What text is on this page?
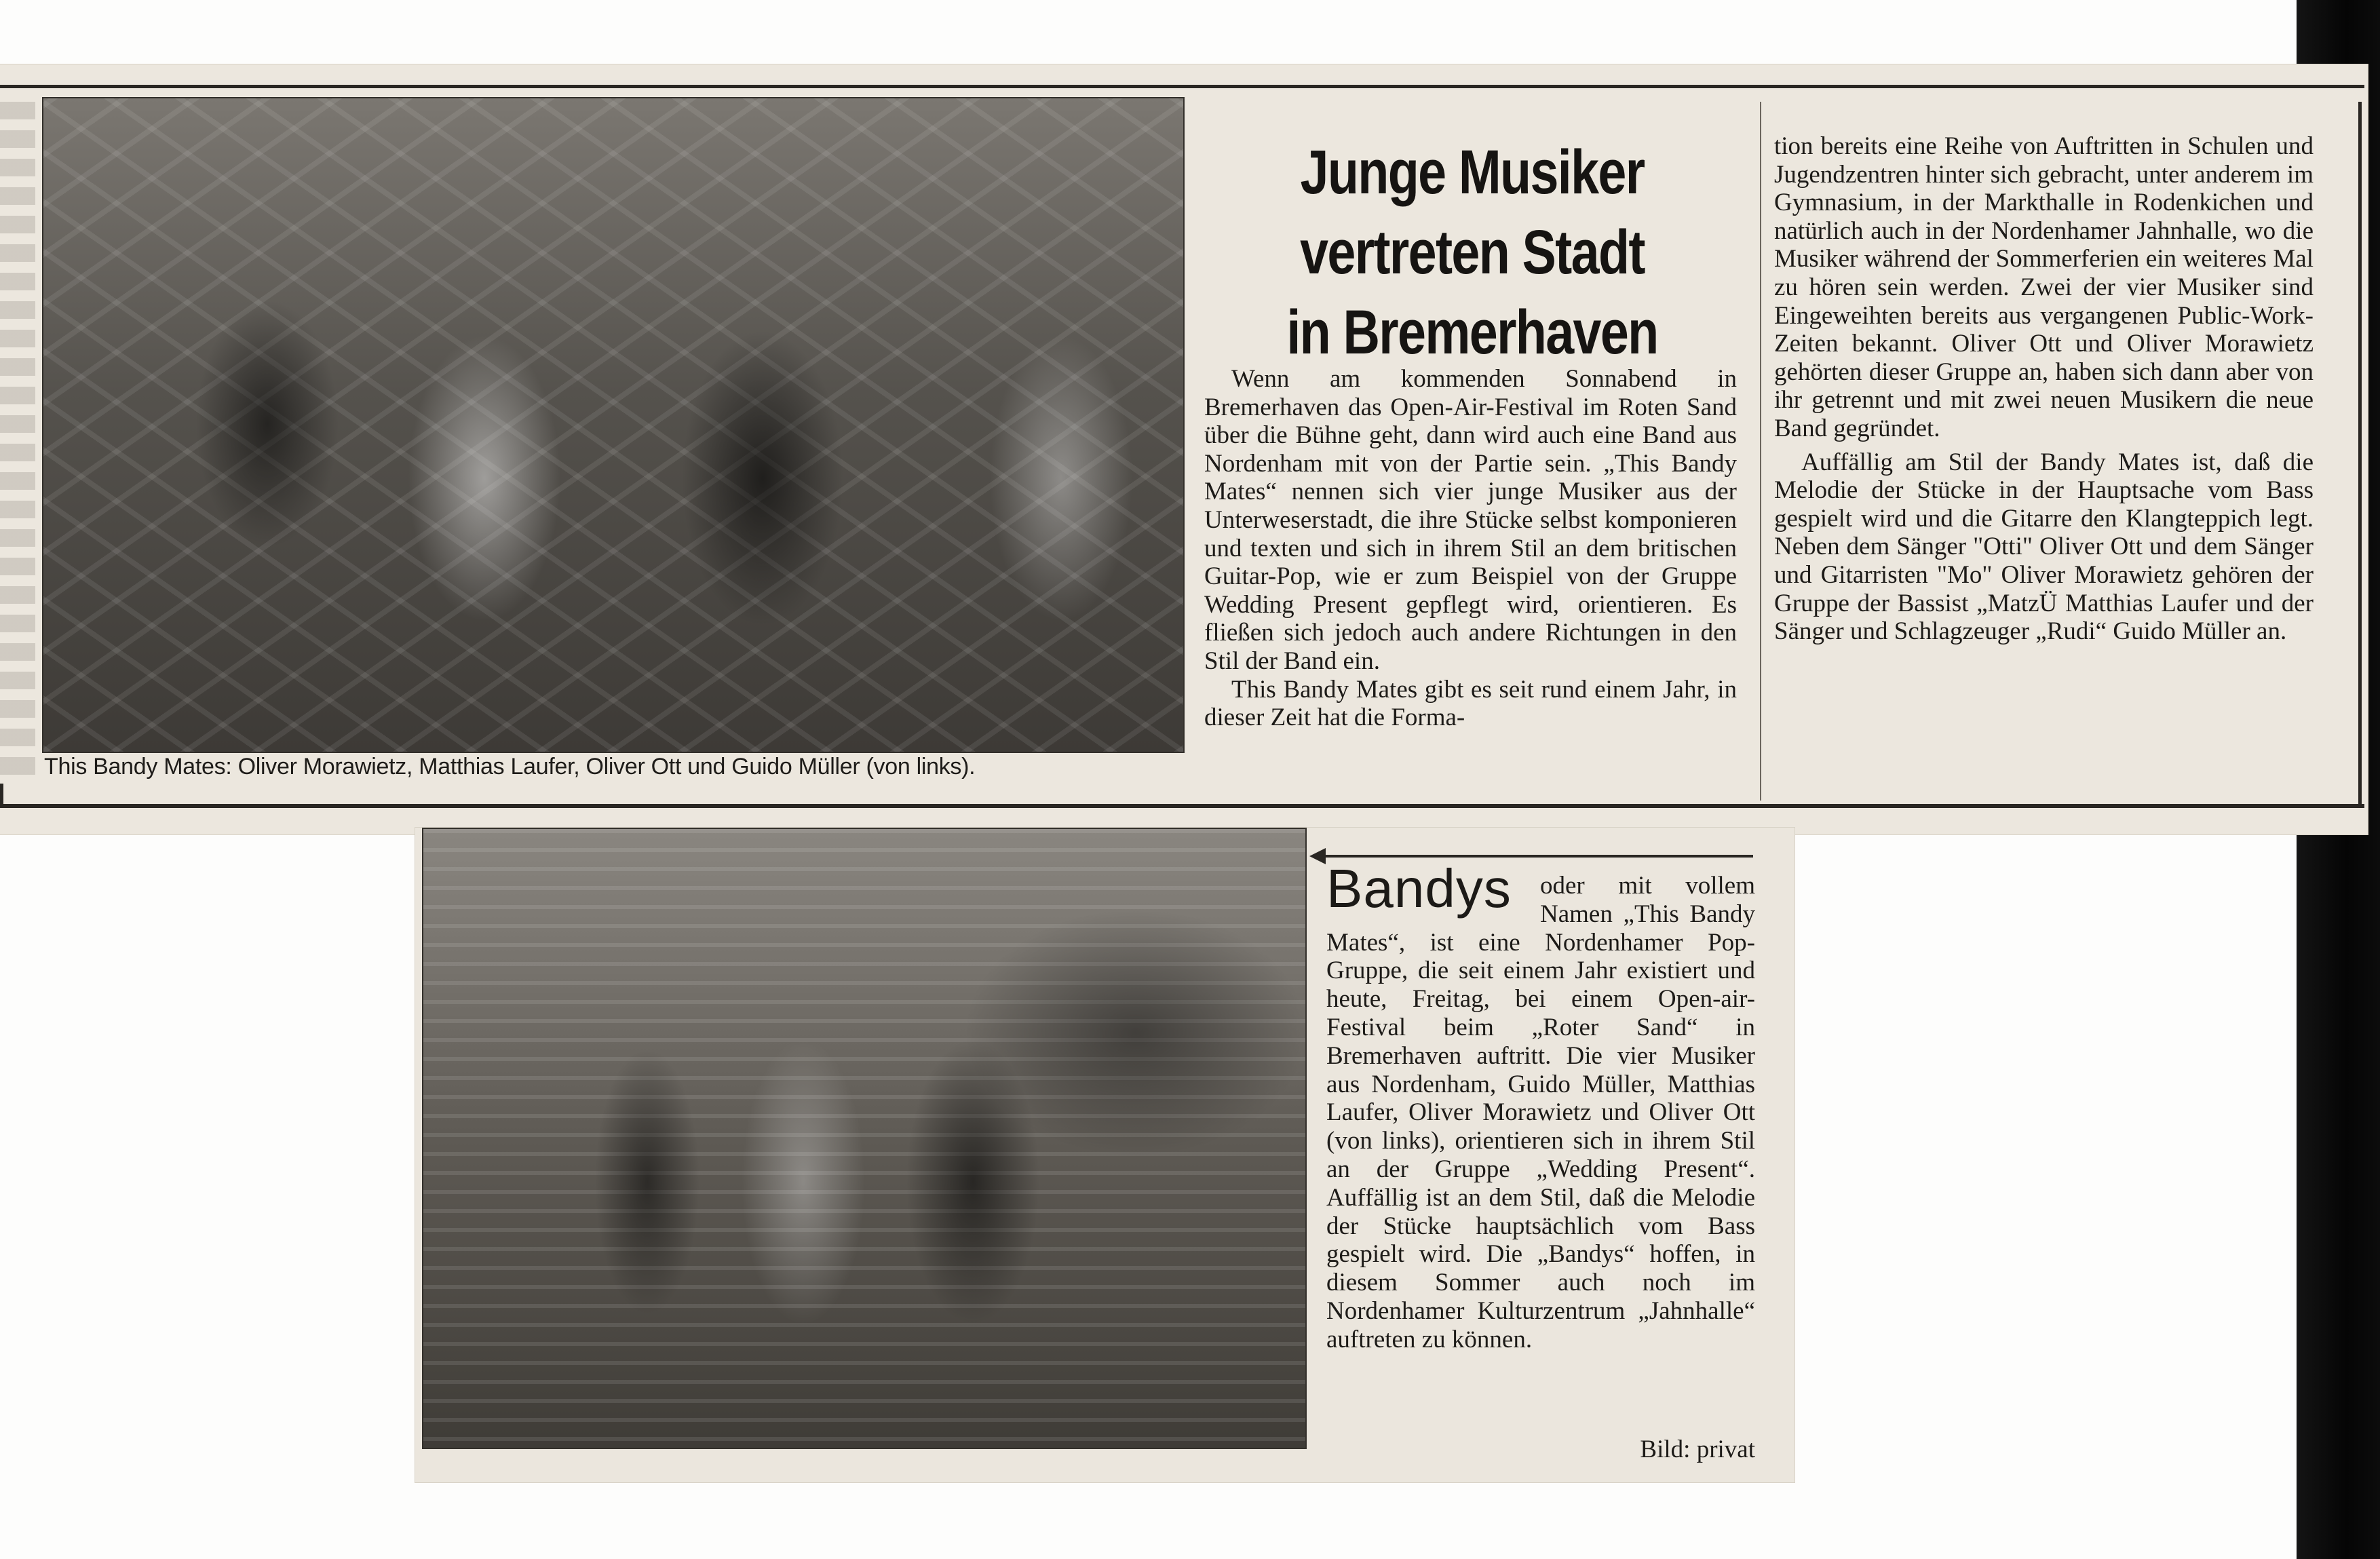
This Bandy Mates: Oliver Morawietz, Matthias Laufer, Oliver Ott und Guido Müller (von links).
Junge Musiker
vertreten Stadt
in Bremerhaven

Wenn am kommenden Sonnabend in Bremerhaven das Open-Air-Festival im Roten Sand über die Bühne geht, dann wird auch eine Band aus Nordenham mit von der Partie sein. „This Bandy Mates“ nennen sich vier junge Musiker aus der Unterweserstadt, die ihre Stücke selbst komponieren und texten und sich in ihrem Stil an dem britischen Guitar-Pop, wie er zum Beispiel von der Gruppe Wedding Present gepflegt wird, orientieren. Es fließen sich jedoch auch andere Richtungen in den Stil der Band ein.

This Bandy Mates gibt es seit rund einem Jahr, in dieser Zeit hat die Forma-

tion bereits eine Reihe von Auftritten in Schulen und Jugendzentren hinter sich gebracht, unter anderem im Gymnasium, in der Markthalle in Rodenkichen und natürlich auch in der Nordenhamer Jahnhalle, wo die Musiker während der Sommerferien ein weiteres Mal zu hören sein werden. Zwei der vier Musiker sind Eingeweihten bereits aus vergangenen Public-Work-Zeiten bekannt. Oliver Ott und Oliver Morawietz gehörten dieser Gruppe an, haben sich dann aber von ihr getrennt und mit zwei neuen Musikern die neue Band gegründet.

Auffällig am Stil der Bandy Mates ist, daß die Melodie der Stücke in der Hauptsache vom Bass gespielt wird und die Gitarre den Klangteppich legt. Neben dem Sänger "Otti" Oliver Ott und dem Sänger und Gitarristen "Mo" Oliver Morawietz gehören der Gruppe der Bassist „MatzÜ Matthias Laufer und der Sänger und Schlagzeuger „Rudi“ Guido Müller an.

Bandys	oder mit vollem Namen „This Bandy Mates“, ist eine Nordenhamer Pop-Gruppe, die seit einem Jahr existiert und heute, Freitag, bei einem Open-air-Festival beim „Roter Sand“ in Bremerhaven auftritt. Die vier Musiker aus Nordenham, Guido Müller, Matthias Laufer, Oliver Morawietz und Oliver Ott (von links), orientieren sich in ihrem Stil an der Gruppe „Wedding Present“. Auffällig ist an dem Stil, daß die Melodie der Stücke hauptsächlich vom Bass gespielt wird. Die „Bandys“ hoffen, in diesem Sommer auch noch im Nordenhamer Kulturzentrum „Jahnhalle“ auftreten zu können.
Bild: privat
